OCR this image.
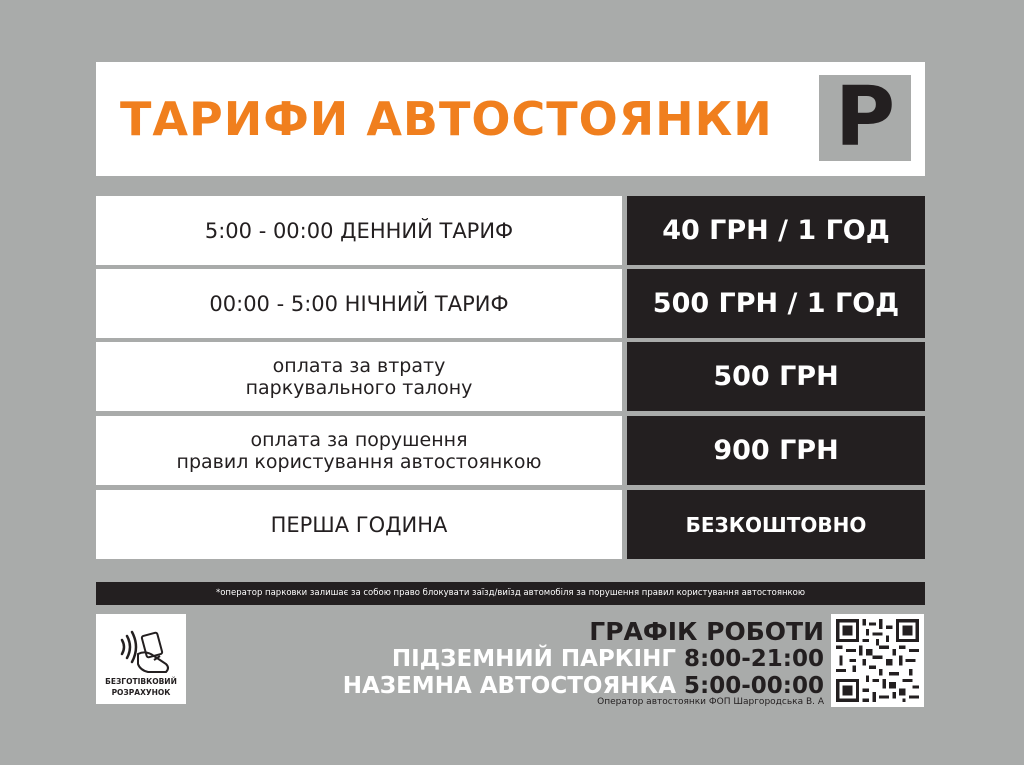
ТАРИФИ АВТОСТОЯНКИ P
5:00 - 00:00 ДЕННИЙ ТАРИФ	40 ГРН / 1 ГОД
00:00 - 5:00 НІЧНИЙ ТАРИФ	500 ГРН / 1 ГОД
оплата за втрату
паркувального талону	500 ГРН
оплата за порушення
правил користування автостоянкою	900 ГРН
ПЕРША ГОДИНА	БЕЗКОШТОВНО
*оператор парковки залишає за собою право блокувати заїзд/виїзд автомобіля за порушення правил користування автостоянкою
БЕЗГОТІВКОВИЙ
РОЗРАХУНОК
ГРАФІК РОБОТИ
ПІДЗЕМНИЙ ПАРКІНГ 8:00-21:00
НАЗЕМНА АВТОСТОЯНКА 5:00-00:00
Оператор автостоянки ФОП Шаргородська В. А
